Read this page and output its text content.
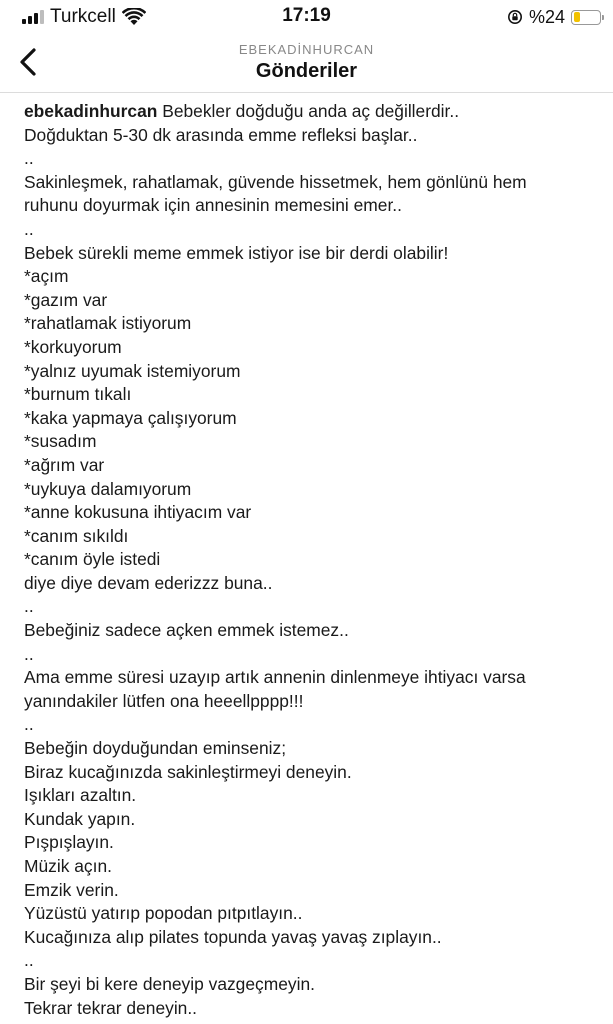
Turkcell	17:19	%24
EBEKADİNHURCAN
Gönderiler
ebekadinhurcan Bebekler doğduğu anda aç değillerdir..
Doğduktan 5-30 dk arasında emme refleksi başlar..
..
Sakinleşmek, rahatlamak, güvende hissetmek, hem gönlünü hem
ruhunu doyurmak için annesinin memesini emer..
..
Bebek sürekli meme emmek istiyor ise bir derdi olabilir!
*açım
*gazım var
*rahatlamak istiyorum
*korkuyorum
*yalnız uyumak istemiyorum
*burnum tıkalı
*kaka yapmaya çalışıyorum
*susadım
*ağrım var
*uykuya dalamıyorum
*anne kokusuna ihtiyacım var
*canım sıkıldı
*canım öyle istedi
diye diye devam ederizzz buna..
..
Bebeğiniz sadece açken emmek istemez..
..
Ama emme süresi uzayıp artık annenin dinlenmeye ihtiyacı varsa
yanındakiler lütfen ona heeellpppp!!!
..
Bebeğin doyduğundan eminseniz;
Biraz kucağınızda sakinleştirmeyi deneyin.
Işıkları azaltın.
Kundak yapın.
Pışpışlayın.
Müzik açın.
Emzik verin.
Yüzüstü yatırıp popodan pıtpıtlayın..
Kucağınıza alıp pilates topunda yavaş yavaş zıplayın..
..
Bir şeyi bi kere deneyip vazgeçmeyin.
Tekrar tekrar deneyin..
